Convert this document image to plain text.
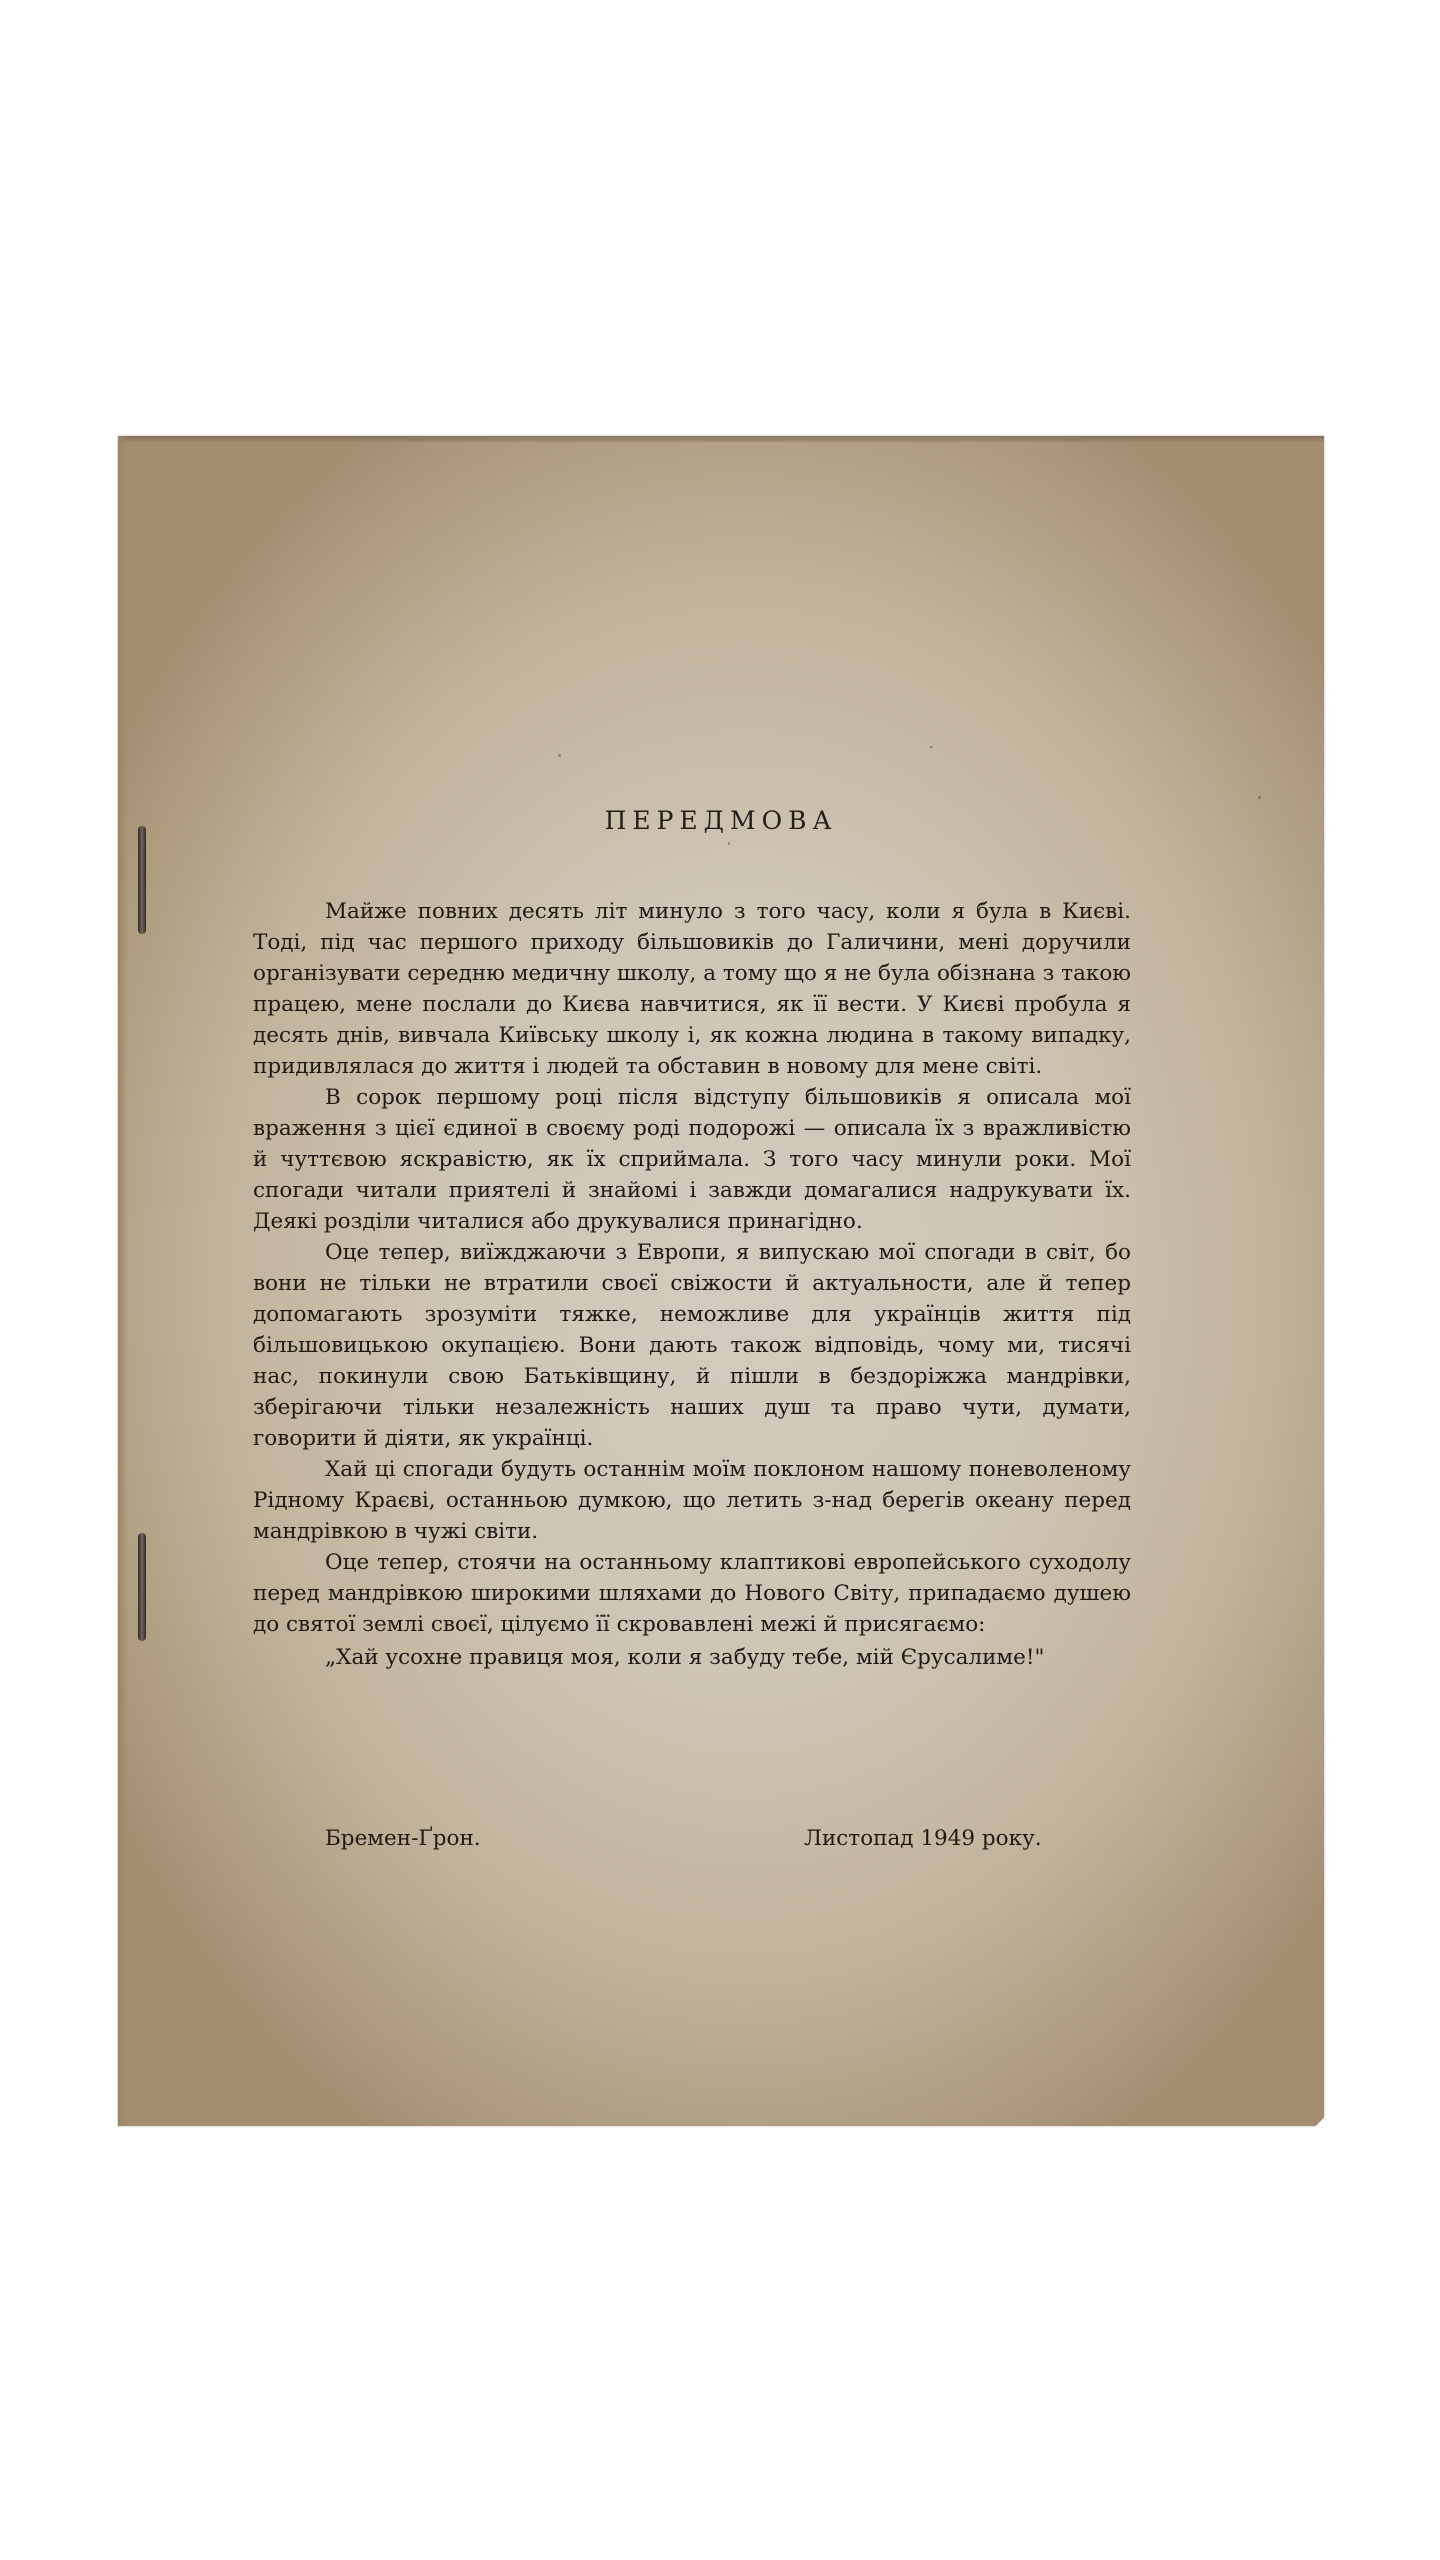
ПЕРЕДМОВА

Майже повних десять літ минуло з того часу, коли я була в Києві. Тоді, під час першого приходу більшовиків до Галичини, мені доручили організувати середню медичну школу, а тому що я не була обізнана з такою працею, мене послали до Києва навчитися, як її вести. У Києві пробула я десять днів, вивчала Київську школу і, як кожна людина в такому випадку, придивлялася до життя і людей та обставин в новому для мене світі.

В сорок першому році після відступу більшовиків я описала мої враження з цієї єдиної в своєму роді подорожі — описала їх з вражливістю й чуттєвою яскравістю, як їх сприймала. З того часу минули роки. Мої спогади читали приятелі й знайомі і завжди домагалися надрукувати їх. Деякі розділи читалися або друкувалися принагідно.

Оце тепер, виїжджаючи з Европи, я випускаю мої спогади в світ, бо вони не тільки не втратили своєї свіжости й актуальности, але й тепер допомагають зрозуміти тяжке, неможливе для українців життя під більшовицькою окупацією. Вони дають також відповідь, чому ми, тисячі нас, покинули свою Батьківщину, й пішли в бездоріжжа мандрівки, зберігаючи тільки незалежність наших душ та право чути, думати, говорити й діяти, як українці.

Хай ці спогади будуть останнім моїм поклоном нашому поневоленому Рідному Краєві, останньою думкою, що летить з-над берегів океану перед мандрівкою в чужі світи.

Оце тепер, стоячи на останньому клаптикові европейського суходолу перед мандрівкою широкими шляхами до Нового Світу, припадаємо душею до святої землі своєї, цілуємо її скровавлені межі й присягаємо:

„Хай усохне правиця моя, коли я забуду тебе, мій Єрусалиме!"

Бремен-Ґрон.	Листопад 1949 року.
